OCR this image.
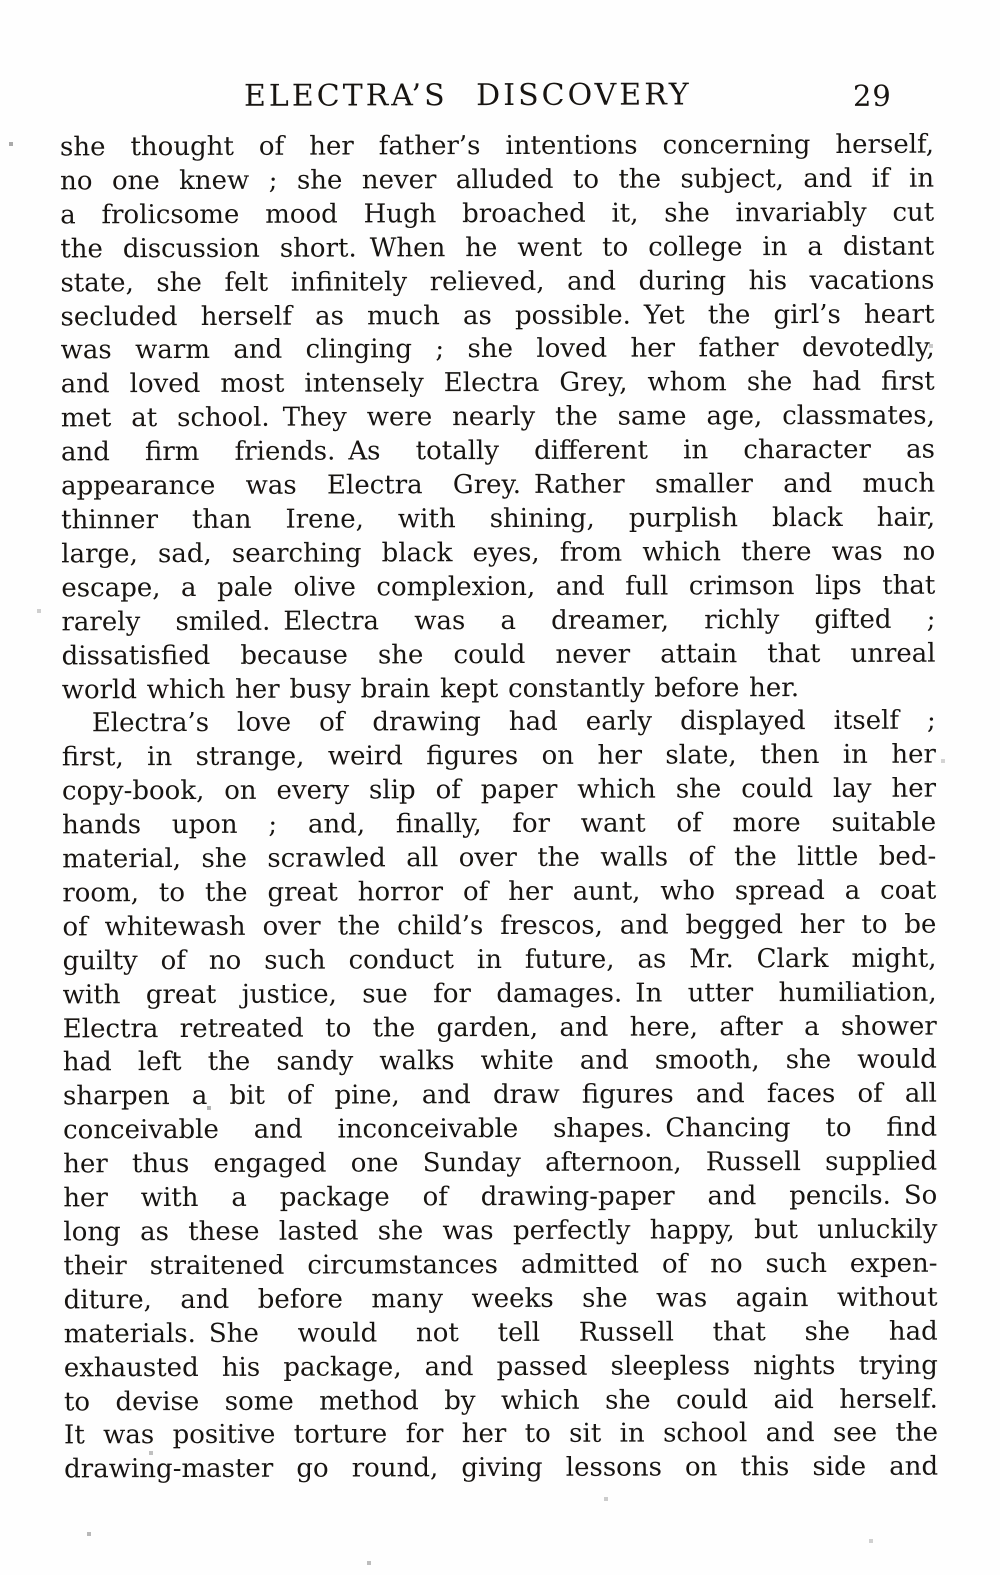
ELECTRA’S DISCOVERY	29
she thought of her father’s intentions concerning herself,
no one knew ; she never alluded to the subject, and if in
a frolicsome mood Hugh broached it, she invariably cut
the discussion short. When he went to college in a distant
state, she felt infinitely relieved, and during his vacations
secluded herself as much as possible. Yet the girl’s heart
was warm and clinging ; she loved her father devotedly,
and loved most intensely Electra Grey, whom she had first
met at school. They were nearly the same age, classmates,
and firm friends. As totally different in character as
appearance was Electra Grey. Rather smaller and much
thinner than Irene, with shining, purplish black hair,
large, sad, searching black eyes, from which there was no
escape, a pale olive complexion, and full crimson lips that
rarely smiled. Electra was a dreamer, richly gifted ;
dissatisfied because she could never attain that unreal
world which her busy brain kept constantly before her.
Electra’s love of drawing had early displayed itself ;
first, in strange, weird figures on her slate, then in her
copy-book, on every slip of paper which she could lay her
hands upon ; and, finally, for want of more suitable
material, she scrawled all over the walls of the little bed-
room, to the great horror of her aunt, who spread a coat
of whitewash over the child’s frescos, and begged her to be
guilty of no such conduct in future, as Mr. Clark might,
with great justice, sue for damages. In utter humiliation,
Electra retreated to the garden, and here, after a shower
had left the sandy walks white and smooth, she would
sharpen a bit of pine, and draw figures and faces of all
conceivable and inconceivable shapes. Chancing to find
her thus engaged one Sunday afternoon, Russell supplied
her with a package of drawing-paper and pencils. So
long as these lasted she was perfectly happy, but unluckily
their straitened circumstances admitted of no such expen-
diture, and before many weeks she was again without
materials. She would not tell Russell that she had
exhausted his package, and passed sleepless nights trying
to devise some method by which she could aid herself.
It was positive torture for her to sit in school and see the
drawing-master go round, giving lessons on this side and
